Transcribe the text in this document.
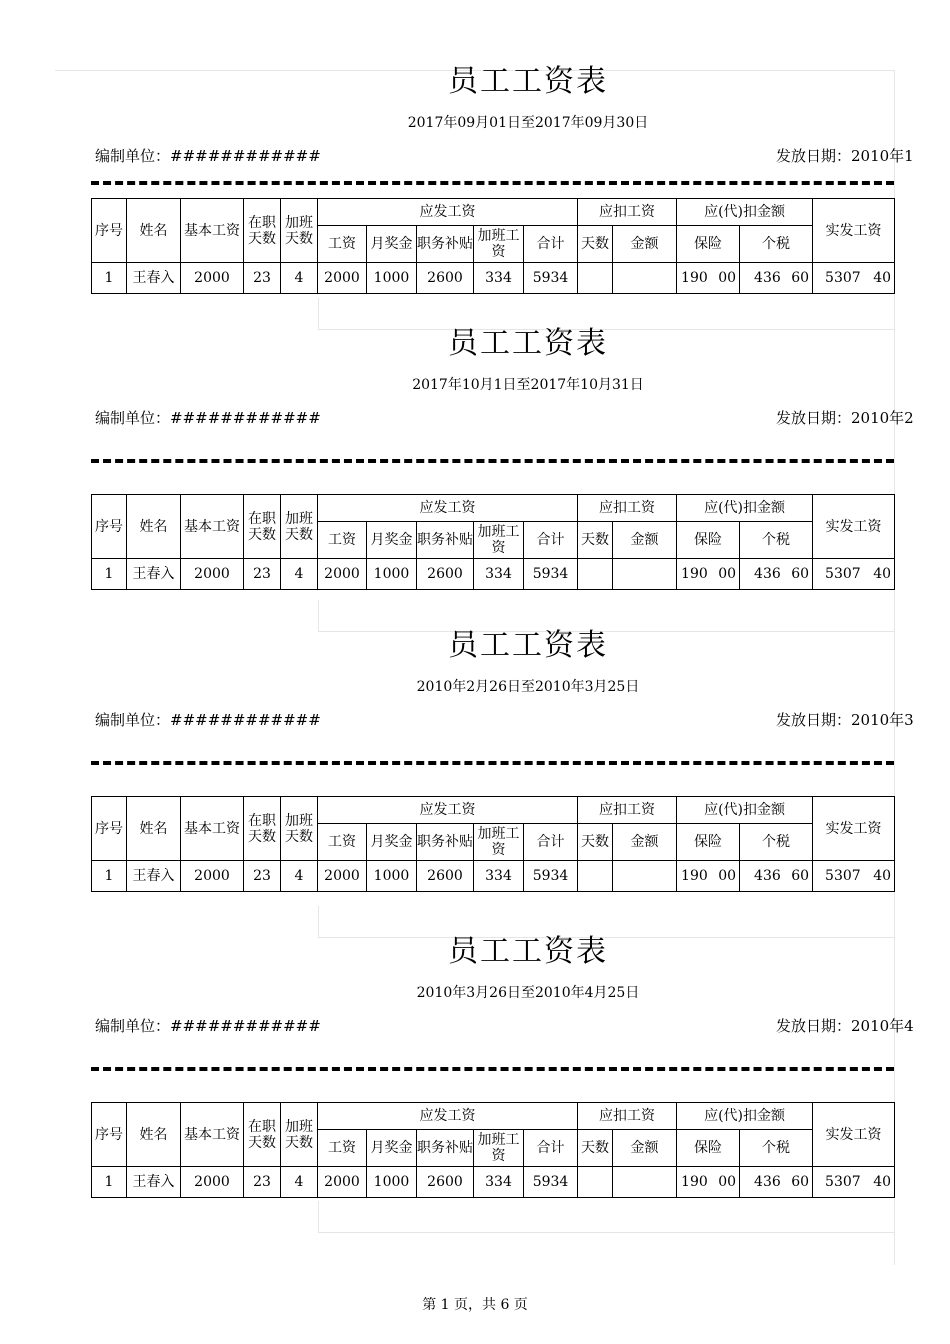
员工工资表
2017年09月01日至2017年09月30日
编制单位：############	发放日期：2010年1
序号	姓名	基本工资	在职天数	加班天数	应发工资					应扣工资		应(代)扣金额		实发工资
					工资	月奖金	职务补贴	加班工资	合计	天数	金额	保险	个税	
1	王春入	2000	23	4	2000	1000	2600	334	5934			190 00	436 60	5307 40
员工工资表
2017年10月1日至2017年10月31日
编制单位：############	发放日期：2010年2
序号	姓名	基本工资	在职天数	加班天数	应发工资					应扣工资		应(代)扣金额		实发工资
					工资	月奖金	职务补贴	加班工资	合计	天数	金额	保险	个税	
1	王春入	2000	23	4	2000	1000	2600	334	5934			190 00	436 60	5307 40
员工工资表
2010年2月26日至2010年3月25日
编制单位：############	发放日期：2010年3
序号	姓名	基本工资	在职天数	加班天数	应发工资					应扣工资		应(代)扣金额		实发工资
					工资	月奖金	职务补贴	加班工资	合计	天数	金额	保险	个税	
1	王春入	2000	23	4	2000	1000	2600	334	5934			190 00	436 60	5307 40
员工工资表
2010年3月26日至2010年4月25日
编制单位：############	发放日期：2010年4
序号	姓名	基本工资	在职天数	加班天数	应发工资					应扣工资		应(代)扣金额		实发工资
					工资	月奖金	职务补贴	加班工资	合计	天数	金额	保险	个税	
1	王春入	2000	23	4	2000	1000	2600	334	5934			190 00	436 60	5307 40
第 1 页，共 6 页
